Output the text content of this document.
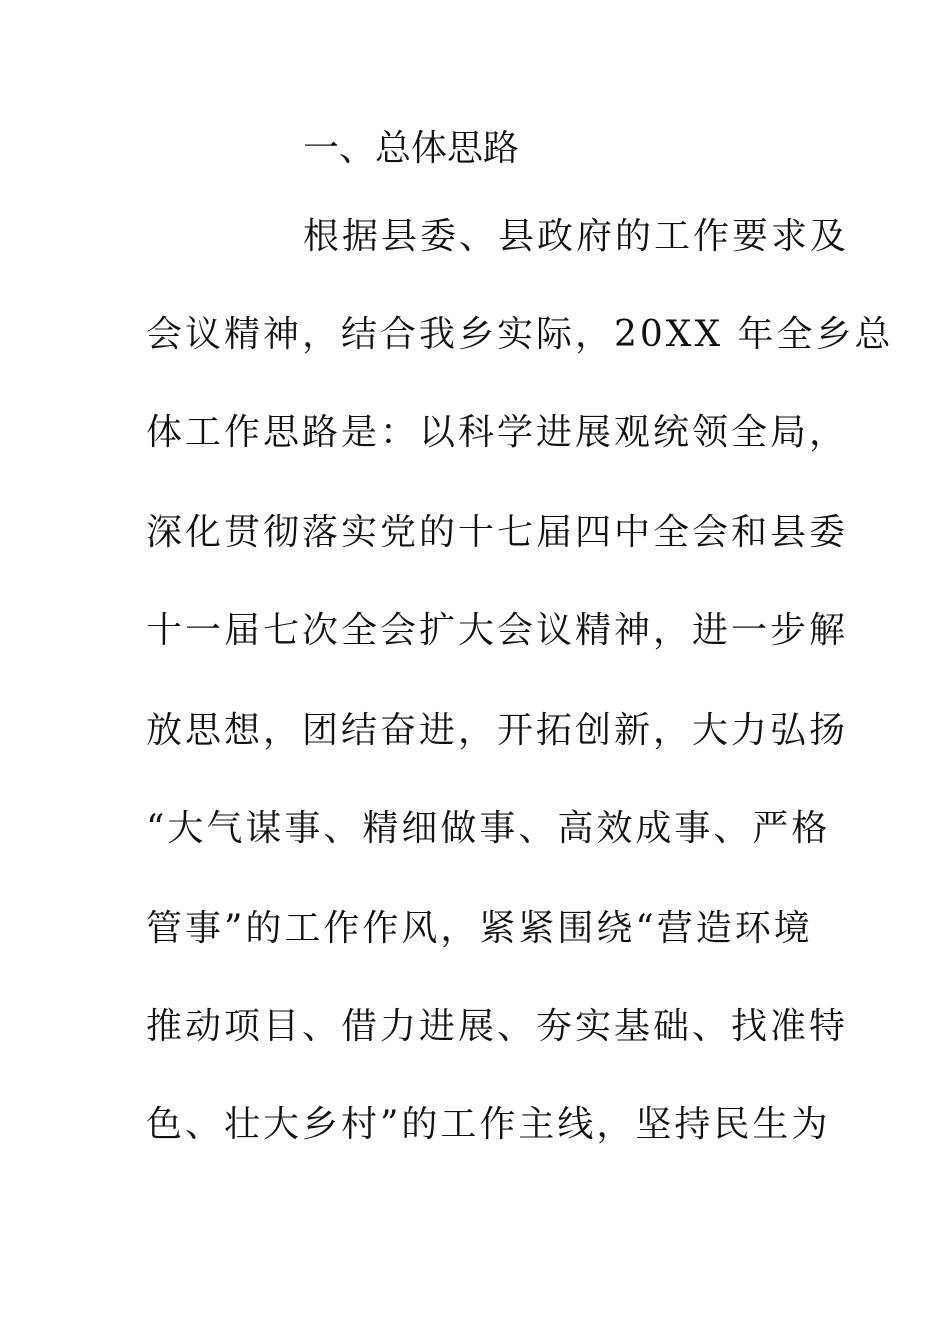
一、总体思路
根据县委、县政府的工作要求及
会议精神，结合我乡实际，20XX 年全乡总
体工作思路是：以科学进展观统领全局，
深化贯彻落实党的十七届四中全会和县委
十一届七次全会扩大会议精神，进一步解
放思想，团结奋进，开拓创新，大力弘扬
“大气谋事、精细做事、高效成事、严格
管事”的工作作风，紧紧围绕“营造环境
推动项目、借力进展、夯实基础、找准特
色、壮大乡村”的工作主线，坚持民生为
